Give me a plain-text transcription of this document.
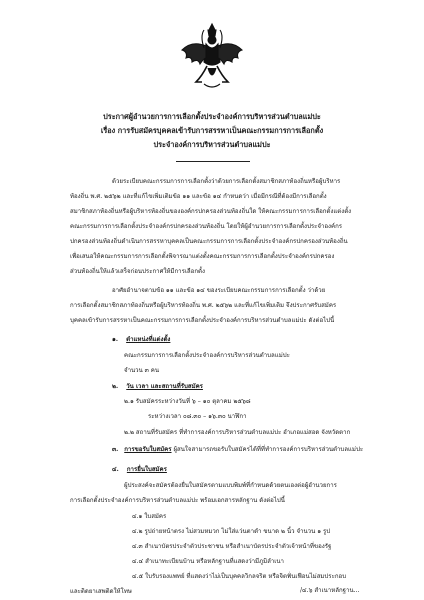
ประกาศผู้อำนวยการการเลือกตั้งประจำองค์การบริหารส่วนตำบลแม่ปะ
เรื่อง การรับสมัครบุคคลเข้ารับการสรรหาเป็นคณะกรรมการการเลือกตั้ง
ประจำองค์การบริหารส่วนตำบลแม่ปะ
ด้วยระเบียบคณะกรรมการการเลือกตั้งว่าด้วยการเลือกตั้งสมาชิกสภาท้องถิ่นหรือผู้บริหาร
ท้องถิ่น พ.ศ. ๒๕๖๒ และที่แก้ไขเพิ่มเติมข้อ ๑๑ และข้อ ๑๔ กำหนดว่า เมื่อมีกรณีที่ต้องมีการเลือกตั้ง
สมาชิกสภาท้องถิ่นหรือผู้บริหารท้องถิ่นขององค์กรปกครองส่วนท้องถิ่นใด ให้คณะกรรมการการเลือกตั้งแต่งตั้ง
คณะกรรมการการเลือกตั้งประจำองค์กรปกครองส่วนท้องถิ่น โดยให้ผู้อำนวยการการเลือกตั้งประจำองค์กร
ปกครองส่วนท้องถิ่นดำเนินการสรรหาบุคคลเป็นคณะกรรมการการเลือกตั้งประจำองค์กรปกครองส่วนท้องถิ่น
เพื่อเสนอให้คณะกรรมการการเลือกตั้งพิจารณาแต่งตั้งคณะกรรมการการเลือกตั้งประจำองค์กรปกครอง
ส่วนท้องถิ่นให้แล้วเสร็จก่อนประกาศให้มีการเลือกตั้ง
อาศัยอำนาจตามข้อ ๑๑ และข้อ ๑๔ ของระเบียบคณะกรรมการการเลือกตั้ง ว่าด้วย
การเลือกตั้งสมาชิกสภาท้องถิ่นหรือผู้บริหารท้องถิ่น พ.ศ. ๒๕๖๒ และที่แก้ไขเพิ่มเติม จึงประกาศรับสมัคร
บุคคลเข้ารับการสรรหาเป็นคณะกรรมการการเลือกตั้งประจำองค์การบริหารส่วนตำบลแม่ปะ ดังต่อไปนี้
๑. ตำแหน่งที่แต่งตั้ง
คณะกรรมการการเลือกตั้งประจำองค์การบริหารส่วนตำบลแม่ปะ
จำนวน ๓ คน
๒. วัน เวลา และสถานที่รับสมัคร
๒.๑ รับสมัครระหว่างวันที่ ๖ – ๑๐ ตุลาคม ๒๕๖๘
ระหว่างเวลา ๐๘.๓๐ – ๑๖.๓๐ นาฬิกา
๒.๒ สถานที่รับสมัคร ที่ทำการองค์การบริหารส่วนตำบลแม่ปะ อำเภอแม่สอด จังหวัดตาก
๓. การขอรับใบสมัคร ผู้สนใจสามารถขอรับใบสมัครได้ที่ที่ทำการองค์การบริหารส่วนตำบลแม่ปะ
๔. การยื่นใบสมัคร
ผู้ประสงค์จะสมัครต้องยื่นใบสมัครตามแบบพิมพ์ที่กำหนดด้วยตนเองต่อผู้อำนวยการ
การเลือกตั้งประจำองค์การบริหารส่วนตำบลแม่ปะ พร้อมเอกสารหลักฐาน ดังต่อไปนี้
๔.๑ ใบสมัคร
๔.๒ รูปถ่ายหน้าตรง ไม่สวมหมวก ไม่ใส่แว่นตาดำ ขนาด ๒ นิ้ว จำนวน ๑ รูป
๔.๓ สำเนาบัตรประจำตัวประชาชน หรือสำเนาบัตรประจำตัวเจ้าหน้าที่ของรัฐ
๔.๔ สำเนาทะเบียนบ้าน หรือหลักฐานที่แสดงว่ามีภูมิลำเนา
๔.๕ ใบรับรองแพทย์ ที่แสดงว่าไม่เป็นบุคคลวิกลจริต หรือจิตฟั่นเฟือนไม่สมประกอบ
และติดยาเสพติดให้โทษ	/๔.๖ สำเนาหลักฐาน...
